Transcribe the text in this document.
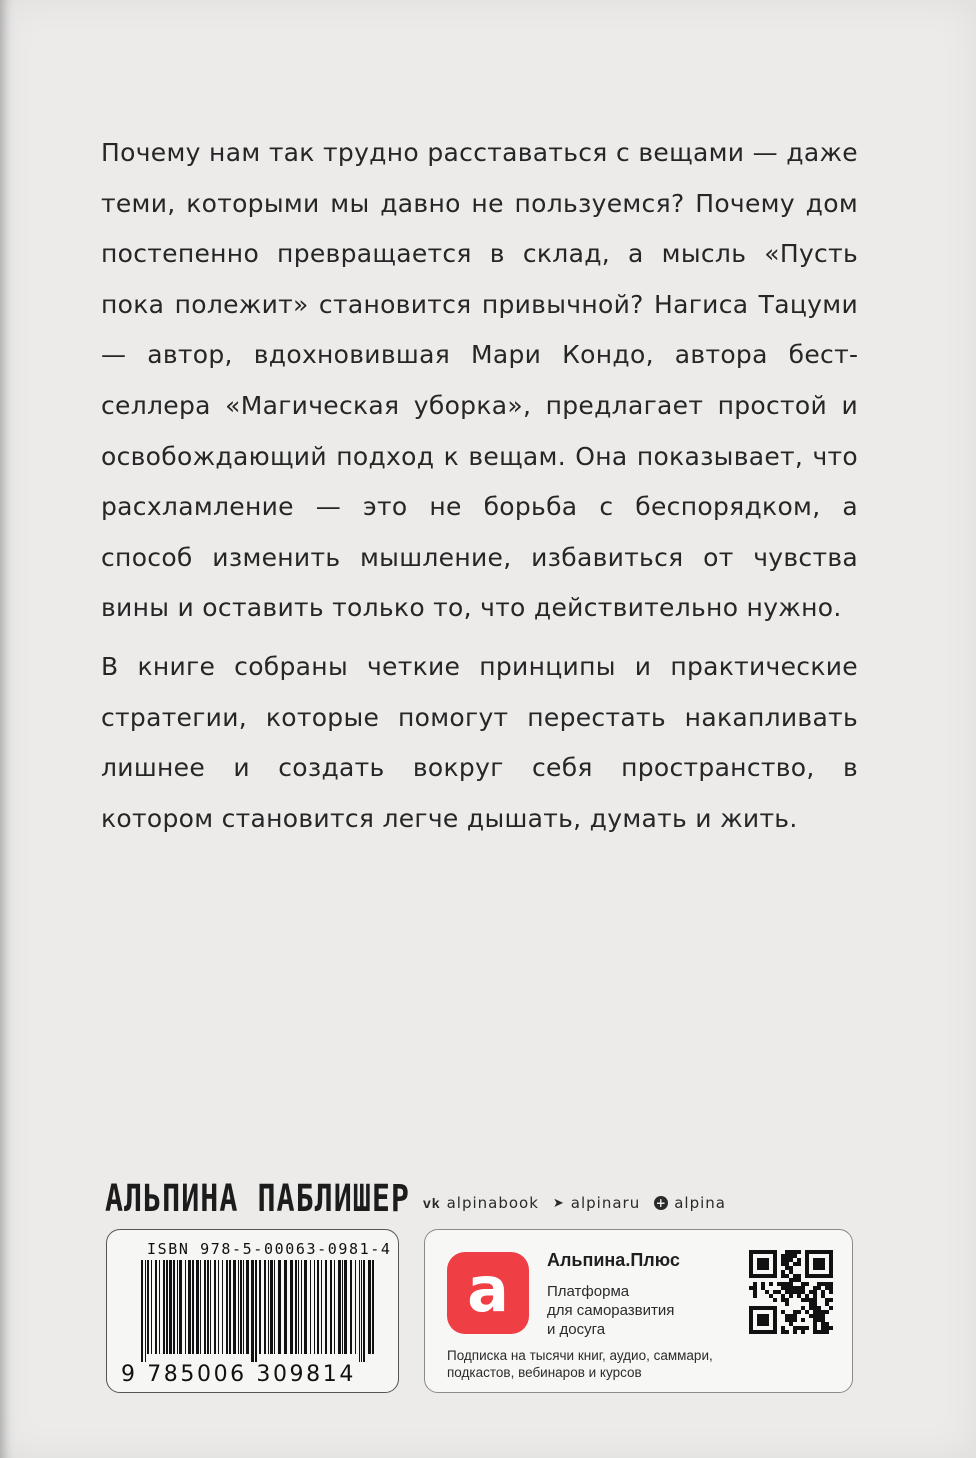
Почему нам так трудно расставаться с вещами — даже теми, которыми мы давно не пользуемся? Почему дом постепенно превращается в склад, а мысль «Пусть пока полежит» становится привычной? Нагиса Тацуми — автор, вдохновившая Мари Кондо, автора бестселлера «Магическая уборка», предлагает простой и освобождающий подход к вещам. Она показывает, что расхламление — это не борьба с беспорядком, а способ изменить мышление, избавиться от чувства вины и оставить только то, что действительно нужно.

В книге собраны четкие принципы и практические стратегии, которые помогут перестать накапливать лишнее и создать вокруг себя пространство, в котором становится легче дышать, думать и жить.

АЛЬПИНА ПАБЛИШЕР vk alpinabook ➤ alpinaru + alpina
ISBN 978-5-00063-0981-4
9 785006 309814
a	Альпина.Плюс
Платформа
для саморазвития
и досуга
Подписка на тысячи книг, аудио, саммари,
подкастов, вебинаров и курсов
